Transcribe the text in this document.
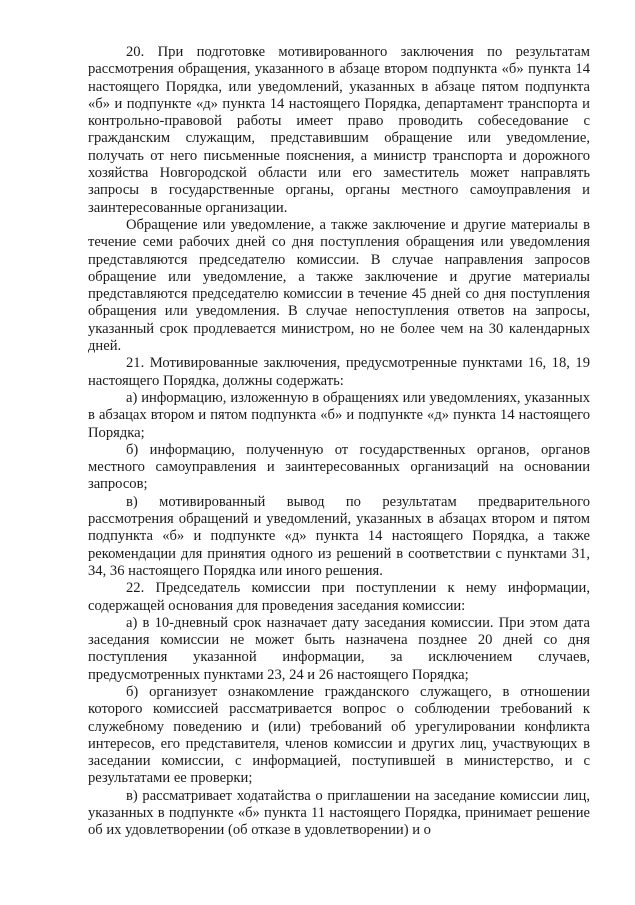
20. При подготовке мотивированного заключения по результатам рассмотрения обращения, указанного в абзаце втором подпункта «б» пункта 14 настоящего Порядка, или уведомлений, указанных в абзаце пятом подпункта «б» и подпункте «д» пункта 14 настоящего Порядка, департамент транспорта и контрольно-правовой работы имеет право проводить собеседование с гражданским служащим, представившим обращение или уведомление, получать от него письменные пояснения, а министр транспорта и дорожного хозяйства Новгородской области или его заместитель может направлять запросы в государственные органы, органы местного самоуправления и заинтересованные организации.

Обращение или уведомление, а также заключение и другие материалы в течение семи рабочих дней со дня поступления обращения или уведомления представляются председателю комиссии. В случае направления запросов обращение или уведомление, а также заключение и другие материалы представляются председателю комиссии в течение 45 дней со дня поступления обращения или уведомления. В случае непоступления ответов на запросы, указанный срок продлевается министром, но не более чем на 30 календарных дней.

21. Мотивированные заключения, предусмотренные пунктами 16, 18, 19 настоящего Порядка, должны содержать:

а) информацию, изложенную в обращениях или уведомлениях, указанных в абзацах втором и пятом подпункта «б» и подпункте «д» пункта 14 настоящего Порядка;

б) информацию, полученную от государственных органов, органов местного самоуправления и заинтересованных организаций на основании запросов;

в) мотивированный вывод по результатам предварительного рассмотрения обращений и уведомлений, указанных в абзацах втором и пятом подпункта «б» и подпункте «д» пункта 14 настоящего Порядка, а также рекомендации для принятия одного из решений в соответствии с пунктами 31, 34, 36 настоящего Порядка или иного решения.

22. Председатель комиссии при поступлении к нему информации, содержащей основания для проведения заседания комиссии:

а) в 10-дневный срок назначает дату заседания комиссии. При этом дата заседания комиссии не может быть назначена позднее 20 дней со дня поступления указанной информации, за исключением случаев, предусмотренных пунктами 23, 24 и 26 настоящего Порядка;

б) организует ознакомление гражданского служащего, в отношении которого комиссией рассматривается вопрос о соблюдении требований к служебному поведению и (или) требований об урегулировании конфликта интересов, его представителя, членов комиссии и других лиц, участвующих в заседании комиссии, с информацией, поступившей в министерство, и с результатами ее проверки;

в) рассматривает ходатайства о приглашении на заседание комиссии лиц, указанных в подпункте «б» пункта 11 настоящего Порядка, принимает решение об их удовлетворении (об отказе в удовлетворении) и о
